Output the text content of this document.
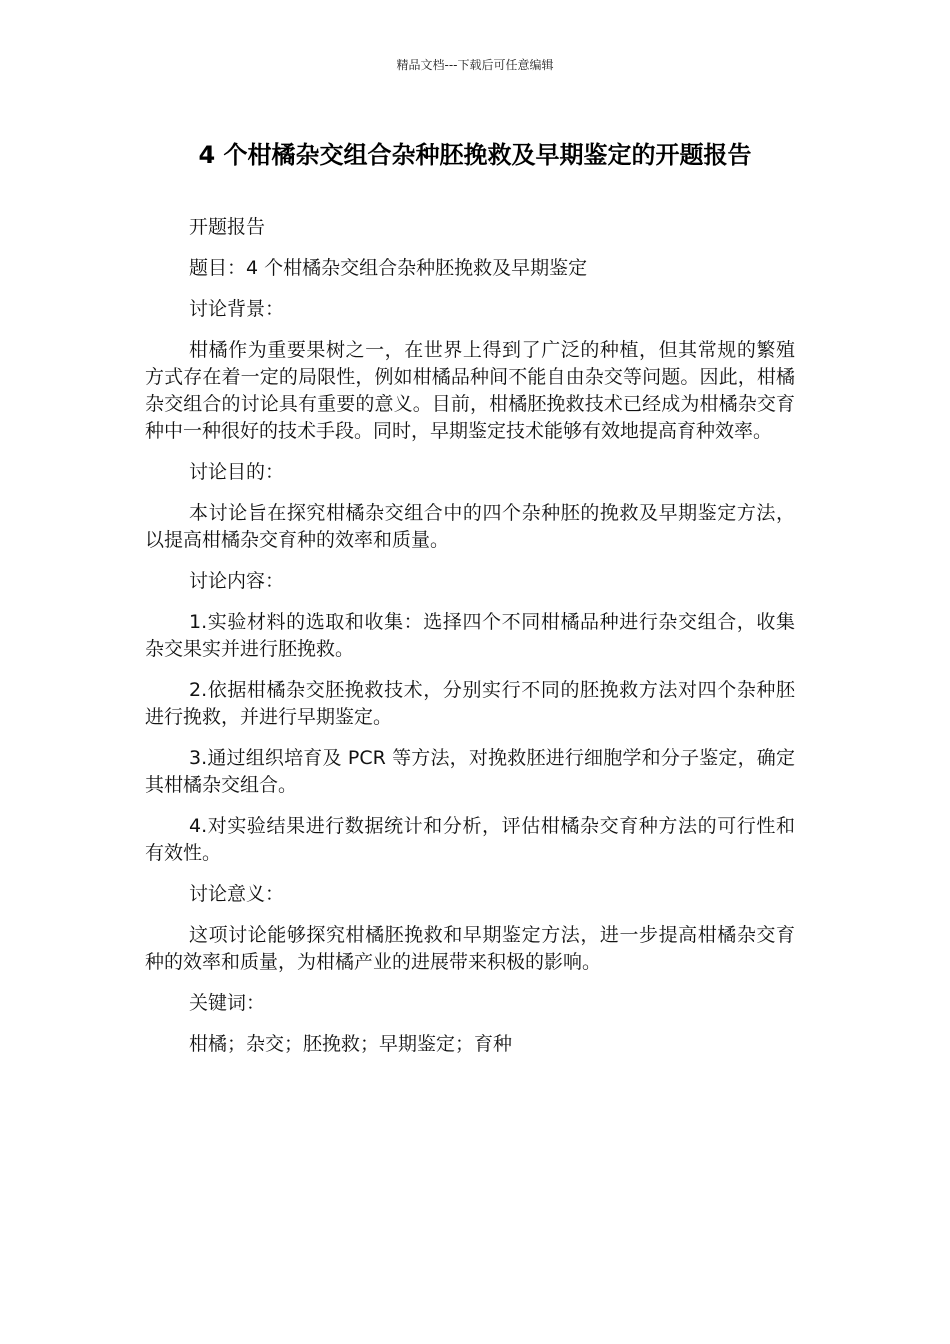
精品文档---下载后可任意编辑
4 个柑橘杂交组合杂种胚挽救及早期鉴定的开题报告

开题报告

题目：4 个柑橘杂交组合杂种胚挽救及早期鉴定

讨论背景：

柑橘作为重要果树之一，在世界上得到了广泛的种植，但其常规的繁殖方式存在着一定的局限性，例如柑橘品种间不能自由杂交等问题。因此，柑橘杂交组合的讨论具有重要的意义。目前，柑橘胚挽救技术已经成为柑橘杂交育种中一种很好的技术手段。同时，早期鉴定技术能够有效地提高育种效率。

讨论目的：

本讨论旨在探究柑橘杂交组合中的四个杂种胚的挽救及早期鉴定方法，以提高柑橘杂交育种的效率和质量。

讨论内容：

1.实验材料的选取和收集：选择四个不同柑橘品种进行杂交组合，收集杂交果实并进行胚挽救。

2.依据柑橘杂交胚挽救技术，分别实行不同的胚挽救方法对四个杂种胚进行挽救，并进行早期鉴定。

3.通过组织培育及 PCR 等方法，对挽救胚进行细胞学和分子鉴定，确定其柑橘杂交组合。

4.对实验结果进行数据统计和分析，评估柑橘杂交育种方法的可行性和有效性。

讨论意义：

这项讨论能够探究柑橘胚挽救和早期鉴定方法，进一步提高柑橘杂交育种的效率和质量，为柑橘产业的进展带来积极的影响。

关键词：

柑橘；杂交；胚挽救；早期鉴定；育种
